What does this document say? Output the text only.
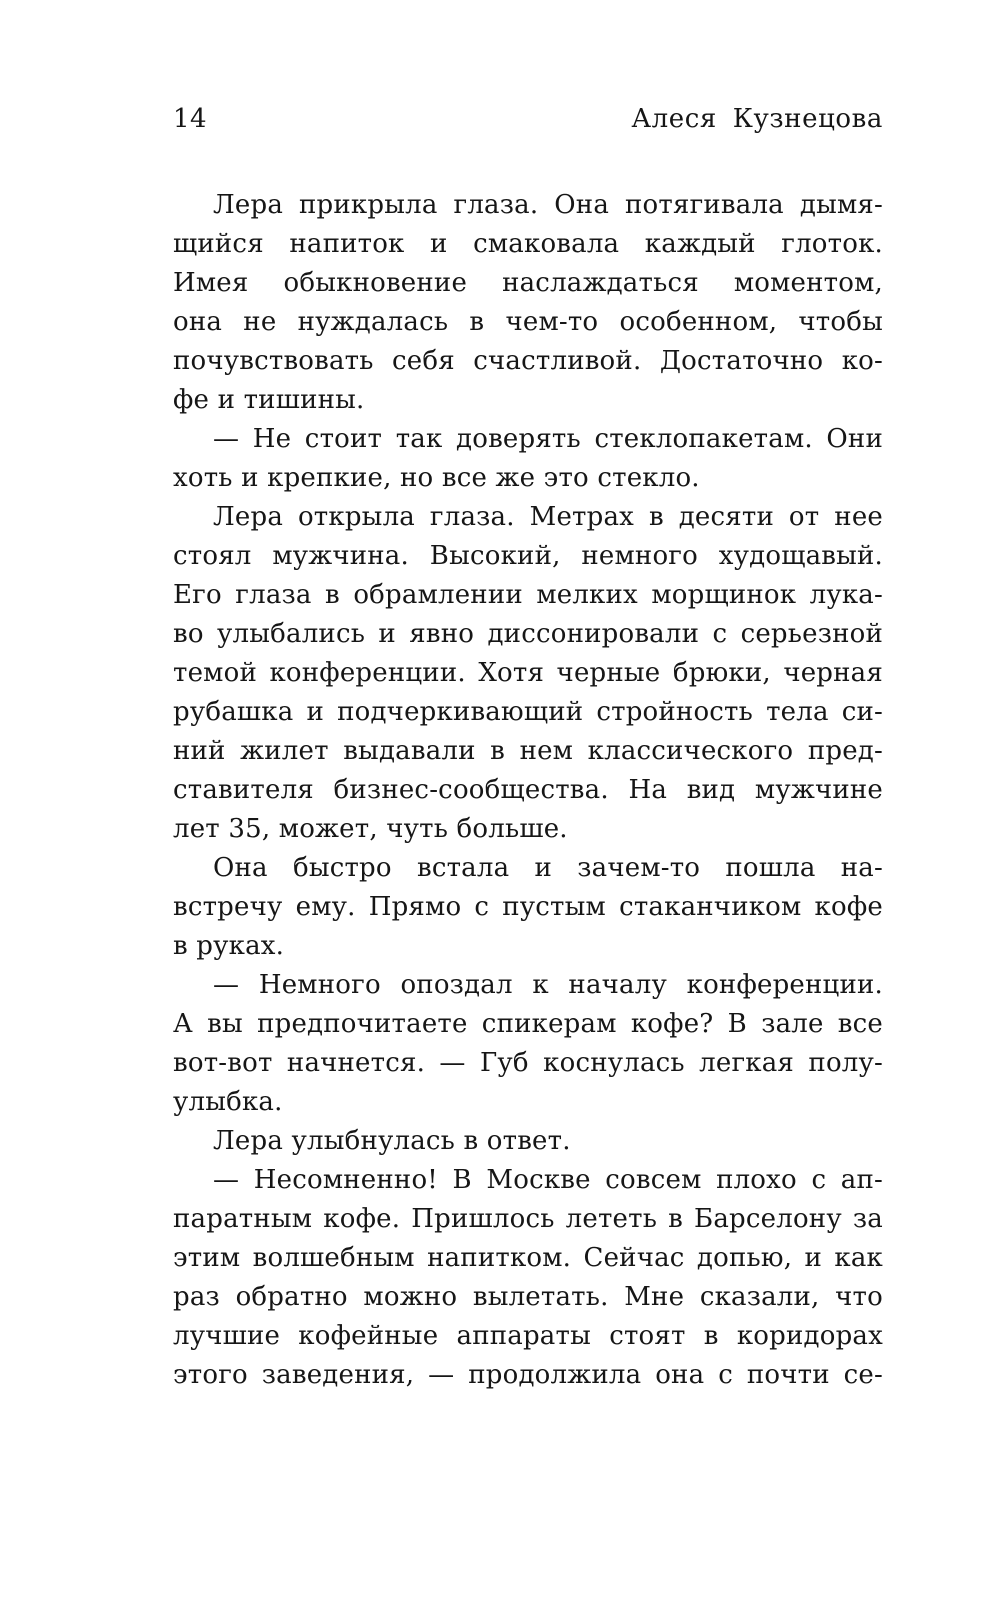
14	Алеся Кузнецова
Лера прикрыла глаза. Она потягивала дымя-
щийся напиток и смаковала каждый глоток.
Имея обыкновение наслаждаться моментом,
она не нуждалась в чем-то особенном, чтобы
почувствовать себя счастливой. Достаточно ко-
фе и тишины.
— Не стоит так доверять стеклопакетам. Они
хоть и крепкие, но все же это стекло.
Лера открыла глаза. Метрах в десяти от нее
стоял мужчина. Высокий, немного худощавый.
Его глаза в обрамлении мелких морщинок лука-
во улыбались и явно диссонировали с серьезной
темой конференции. Хотя черные брюки, черная
рубашка и подчеркивающий стройность тела си-
ний жилет выдавали в нем классического пред-
ставителя бизнес-сообщества. На вид мужчине
лет 35, может, чуть больше.
Она быстро встала и зачем-то пошла на-
встречу ему. Прямо с пустым стаканчиком кофе
в руках.
— Немного опоздал к началу конференции.
А вы предпочитаете спикерам кофе? В зале все
вот-вот начнется. — Губ коснулась легкая полу-
улыбка.
Лера улыбнулась в ответ.
— Несомненно! В Москве совсем плохо с ап-
паратным кофе. Пришлось лететь в Барселону за
этим волшебным напитком. Сейчас допью, и как
раз обратно можно вылетать. Мне сказали, что
лучшие кофейные аппараты стоят в коридорах
этого заведения, — продолжила она с почти се-
